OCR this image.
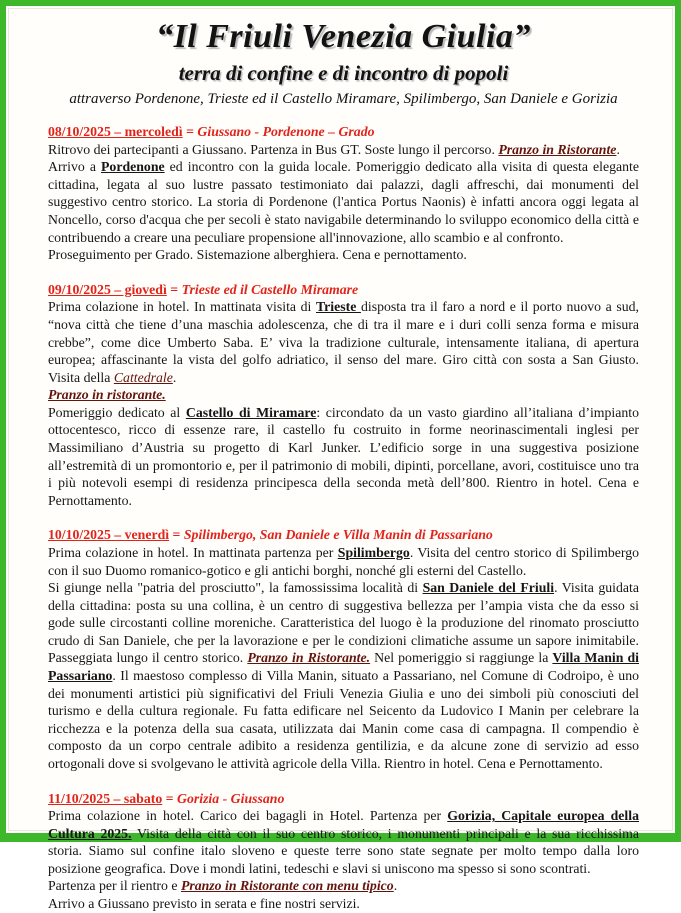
“Il Friuli Venezia Giulia”
terra di confine e di incontro di popoli
attraverso Pordenone, Trieste ed il Castello Miramare, Spilimbergo, San Daniele e Gorizia
08/10/2025 – mercoledì = Giussano - Pordenone – Grado

Ritrovo dei partecipanti a Giussano. Partenza in Bus GT. Soste lungo il percorso. Pranzo in Ristorante.

Arrivo a Pordenone ed incontro con la guida locale. Pomeriggio dedicato alla visita di questa elegante cittadina, legata al suo lustre passato testimoniato dai palazzi, dagli affreschi, dai monumenti del suggestivo centro storico. La storia di Pordenone (l'antica Portus Naonis) è infatti ancora oggi legata al Noncello, corso d'acqua che per secoli è stato navigabile determinando lo sviluppo economico della città e contribuendo a creare una peculiare propensione all'innovazione, allo scambio e al confronto.

Proseguimento per Grado. Sistemazione alberghiera. Cena e pernottamento.

09/10/2025 – giovedì = Trieste ed il Castello Miramare

Prima colazione in hotel. In mattinata visita di Trieste disposta tra il faro a nord e il porto nuovo a sud, “nova città che tiene d’una maschia adolescenza, che di tra il mare e i duri colli senza forma e misura crebbe”, come dice Umberto Saba. E’ viva la tradizione culturale, intensamente italiana, di apertura europea; affascinante la vista del golfo adriatico, il senso del mare. Giro città con sosta a San Giusto. Visita della Cattedrale.

Pranzo in ristorante.

Pomeriggio dedicato al Castello di Miramare: circondato da un vasto giardino all’italiana d’impianto ottocentesco, ricco di essenze rare, il castello fu costruito in forme neorinascimentali inglesi per Massimiliano d’Austria su progetto di Karl Junker. L’edificio sorge in una suggestiva posizione all’estremità di un promontorio e, per il patrimonio di mobili, dipinti, porcellane, avori, costituisce uno tra i più notevoli esempi di residenza principesca della seconda metà dell’800. Rientro in hotel. Cena e Pernottamento.

10/10/2025 – venerdì = Spilimbergo, San Daniele e Villa Manin di Passariano

Prima colazione in hotel. In mattinata partenza per Spilimbergo. Visita del centro storico di Spilimbergo con il suo Duomo romanico-gotico e gli antichi borghi, nonché gli esterni del Castello.

Si giunge nella "patria del prosciutto", la famossissima località di San Daniele del Friuli. Visita guidata della cittadina: posta su una collina, è un centro di suggestiva bellezza per l’ampia vista che da esso si gode sulle circostanti colline moreniche. Caratteristica del luogo è la produzione del rinomato prosciutto crudo di San Daniele, che per la lavorazione e per le condizioni climatiche assume un sapore inimitabile. Passeggiata lungo il centro storico. Pranzo in Ristorante. Nel pomeriggio si raggiunge la Villa Manin di Passariano. Il maestoso complesso di Villa Manin, situato a Passariano, nel Comune di Codroipo, è uno dei monumenti artistici più significativi del Friuli Venezia Giulia e uno dei simboli più conosciuti del turismo e della cultura regionale. Fu fatta edificare nel Seicento da Ludovico I Manin per celebrare la ricchezza e la potenza della sua casata, utilizzata dai Manin come casa di campagna. Il compendio è composto da un corpo centrale adibito a residenza gentilizia, e da alcune zone di servizio ad esso ortogonali dove si svolgevano le attività agricole della Villa. Rientro in hotel. Cena e Pernottamento.

11/10/2025 – sabato = Gorizia - Giussano

Prima colazione in hotel. Carico dei bagagli in Hotel. Partenza per Gorizia, Capitale europea della Cultura 2025. Visita della città con il suo centro storico, i monumenti principali e la sua ricchissima storia. Siamo sul confine italo sloveno e queste terre sono state segnate per molto tempo dalla loro posizione geografica. Dove i mondi latini, tedeschi e slavi si uniscono ma spesso si sono scontrati.

Partenza per il rientro e Pranzo in Ristorante con menu tipico.

Arrivo a Giussano previsto in serata e fine nostri servizi.
